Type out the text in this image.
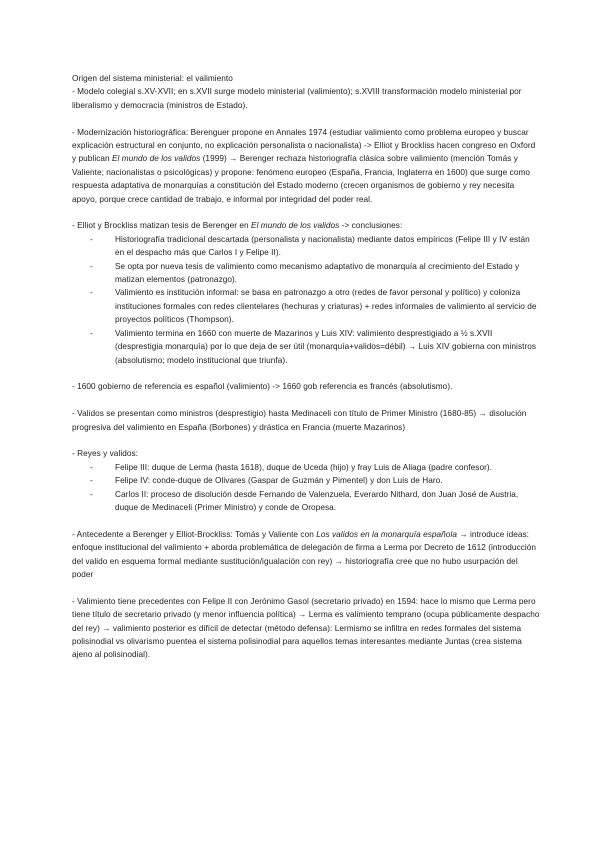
Origen del sistema ministerial: el valimiento

- Modelo colegial s.XV-XVII; en s.XVII surge modelo ministerial (valimiento); s.XVIII transformación modelo ministerial por liberalismo y democracia (ministros de Estado).

- Modernización historiográfica: Berenguer propone en Annales 1974 (estudiar valimiento como problema europeo y buscar explicación estructural en conjunto, no explicación personalista o nacionalista) -> Elliot y Brockliss hacen congreso en Oxford y publican El mundo de los validos (1999) → Berenger rechaza historiografía clásica sobre valimiento (mención Tomás y Valiente; nacionalistas o psicológicas) y propone: fenómeno europeo (España, Francia, Inglaterra en 1600) que surge como respuesta adaptativa de monarquías a constitución del Estado moderno (crecen organismos de gobierno y rey necesita apoyo, porque crece cantidad de trabajo, e informal por integridad del poder real.

- Elliot y Brockliss matizan tesis de Berenger en El mundo de los validos -> conclusiones:

- Historiografía tradicional descartada (personalista y nacionalista) mediante datos empíricos (Felipe III y IV están en el despacho más que Carlos I y Felipe II).
- Se opta por nueva tesis de valimiento como mecanismo adaptativo de monarquía al crecimiento del Estado y matizan elementos (patronazgo).
- Valimiento es institución informal: se basa en patronazgo a otro (redes de favor personal y político) y coloniza instituciones formales con redes clientelares (hechuras y criaturas) + redes informales de valimiento al servicio de proyectos políticos (Thompson).
- Valimiento termina en 1660 con muerte de Mazarinos y Luis XIV: valimiento desprestigiado a ½ s.XVII (desprestigia monarquía) por lo que deja de ser útil (monarquía+validos=débil) → Luis XIV gobierna con ministros (absolutismo; modelo institucional que triunfa).

- 1600 gobierno de referencia es español (valimiento) -> 1660 gob referencia es francés (absolutismo).

- Validos se presentan como ministros (desprestigio) hasta Medinaceli con título de Primer Ministro (1680-85) → disolución progresiva del valimiento en España (Borbones) y drástica en Francia (muerte Mazarinos)

- Reyes y validos:

- Felipe III: duque de Lerma (hasta 1618), duque de Uceda (hijo) y fray Luis de Aliaga (padre confesor).
- Felipe IV: conde-duque de Olivares (Gaspar de Guzmán y Pimentel) y don Luis de Haro.
- Carlos II: proceso de disolución desde Fernando de Valenzuela, Everardo Nithard, don Juan José de Austria, duque de Medinaceli (Primer Ministro) y conde de Oropesa.

- Antecedente a Berenger y Elliot-Brockliss: Tomás y Valiente con Los validos en la monarquía española → introduce ideas: enfoque institucional del valimiento + aborda problemática de delegación de firma a Lerma por Decreto de 1612 (introducción del valido en esquema formal mediante sustitución/igualación con rey) → historiografía cree que no hubo usurpación del poder

- Valimiento tiene precedentes con Felipe II con Jerónimo Gasol (secretario privado) en 1594: hace lo mismo que Lerma pero tiene título de secretario privado (y menor influencia política) → Lerma es valimiento temprano (ocupa públicamente despacho del rey) → valimiento posterior es difícil de detectar (método defensa): Lermismo se infiltra en redes formales del sistema polisinodial vs olivarismo puentea el sistema polisinodial para aquellos temas interesantes mediante Juntas (crea sistema ajeno al polisinodial).
